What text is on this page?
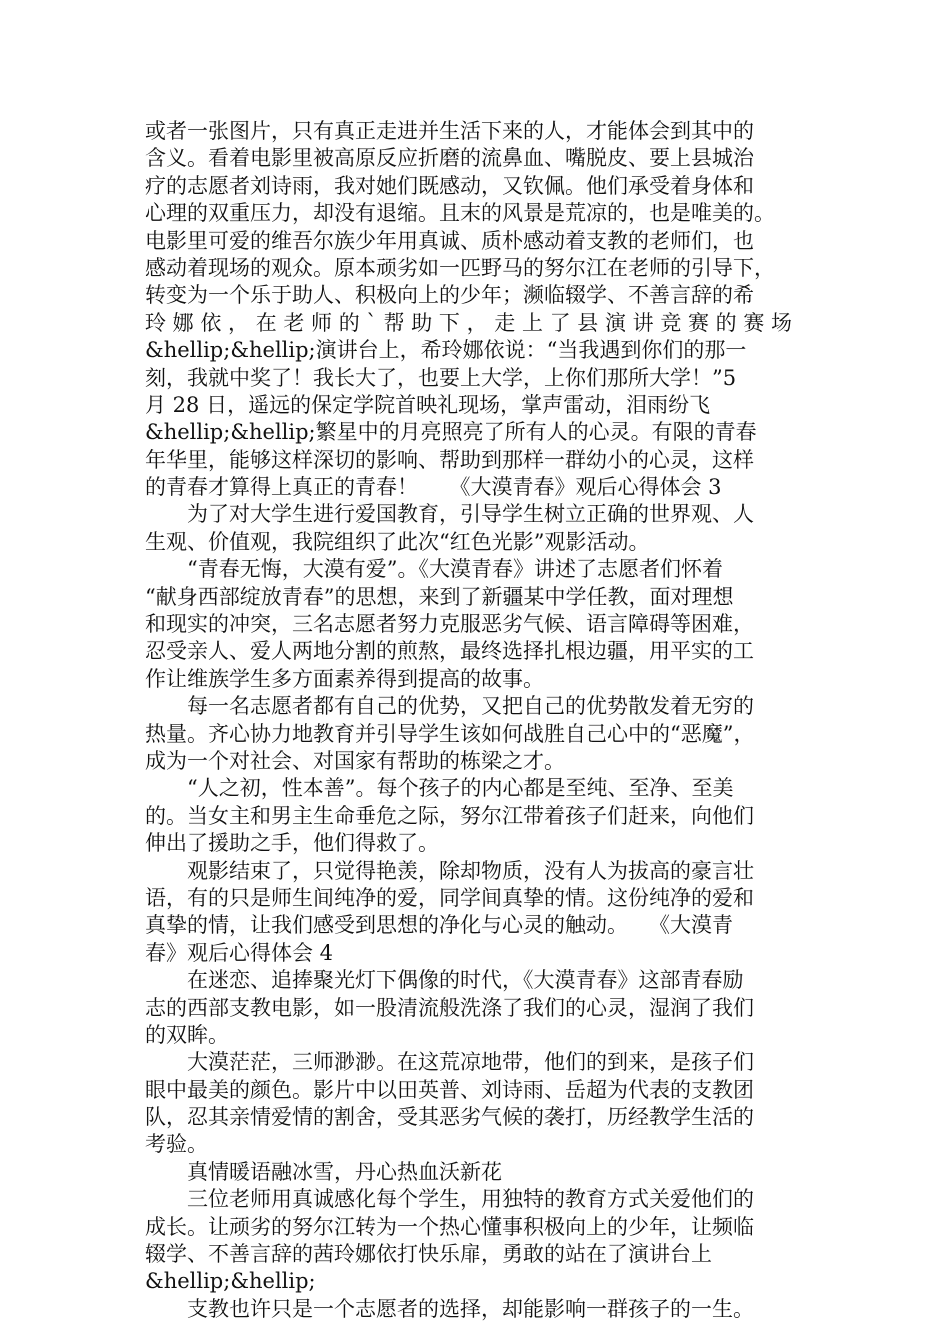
或者一张图片，只有真正走进并生活下来的人，才能体会到其中的
含义。看着电影里被高原反应折磨的流鼻血、嘴脱皮、要上县城治
疗的志愿者刘诗雨，我对她们既感动，又钦佩。他们承受着身体和
心理的双重压力，却没有退缩。且末的风景是荒凉的，也是唯美的。
电影里可爱的维吾尔族少年用真诚、质朴感动着支教的老师们，也
感动着现场的观众。原本顽劣如一匹野马的努尔江在老师的引导下，
转变为一个乐于助人、积极向上的少年；濒临辍学、不善言辞的希
玲 娜 依 ， 在 老 师 的 ` 帮 助 下 ， 走 上 了 县 演 讲 竞 赛 的 赛 场
&hellip;&hellip;演讲台上，希玲娜依说：“当我遇到你们的那一
刻，我就中奖了！我长大了，也要上大学，上你们那所大学！”5
月 28 日，遥远的保定学院首映礼现场，掌声雷动，泪雨纷飞
&hellip;&hellip;繁星中的月亮照亮了所有人的心灵。有限的青春
年华里，能够这样深切的影响、帮助到那样一群幼小的心灵，这样
的青春才算得上真正的青春！　　《大漠青春》观后心得体会 3
　　为了对大学生进行爱国教育，引导学生树立正确的世界观、人
生观、价值观，我院组织了此次“红色光影”观影活动。
　　“青春无悔，大漠有爱”。《大漠青春》讲述了志愿者们怀着
“献身西部绽放青春”的思想，来到了新疆某中学任教，面对理想
和现实的冲突，三名志愿者努力克服恶劣气候、语言障碍等困难，
忍受亲人、爱人两地分割的煎熬，最终选择扎根边疆，用平实的工
作让维族学生多方面素养得到提高的故事。
　　每一名志愿者都有自己的优势，又把自己的优势散发着无穷的
热量。齐心协力地教育并引导学生该如何战胜自己心中的“恶魔”，
成为一个对社会、对国家有帮助的栋梁之才。
　　“人之初，性本善”。每个孩子的内心都是至纯、至净、至美
的。当女主和男主生命垂危之际，努尔江带着孩子们赶来，向他们
伸出了援助之手，他们得救了。
　　观影结束了，只觉得艳羡，除却物质，没有人为拔高的豪言壮
语，有的只是师生间纯净的爱，同学间真挚的情。这份纯净的爱和
真挚的情，让我们感受到思想的净化与心灵的触动。　　《大漠青
春》观后心得体会 4
　　在迷恋、追捧聚光灯下偶像的时代，《大漠青春》这部青春励
志的西部支教电影，如一股清流般洗涤了我们的心灵，湿润了我们
的双眸。
　　大漠茫茫，三师渺渺。在这荒凉地带，他们的到来，是孩子们
眼中最美的颜色。影片中以田英普、刘诗雨、岳超为代表的支教团
队，忍其亲情爱情的割舍，受其恶劣气候的袭打，历经教学生活的
考验。
　　真情暖语融冰雪，丹心热血沃新花
　　三位老师用真诚感化每个学生，用独特的教育方式关爱他们的
成长。让顽劣的努尔江转为一个热心懂事积极向上的少年，让频临
辍学、不善言辞的茜玲娜依打快乐扉，勇敢的站在了演讲台上
&hellip;&hellip;
　　支教也许只是一个志愿者的选择，却能影响一群孩子的一生。
